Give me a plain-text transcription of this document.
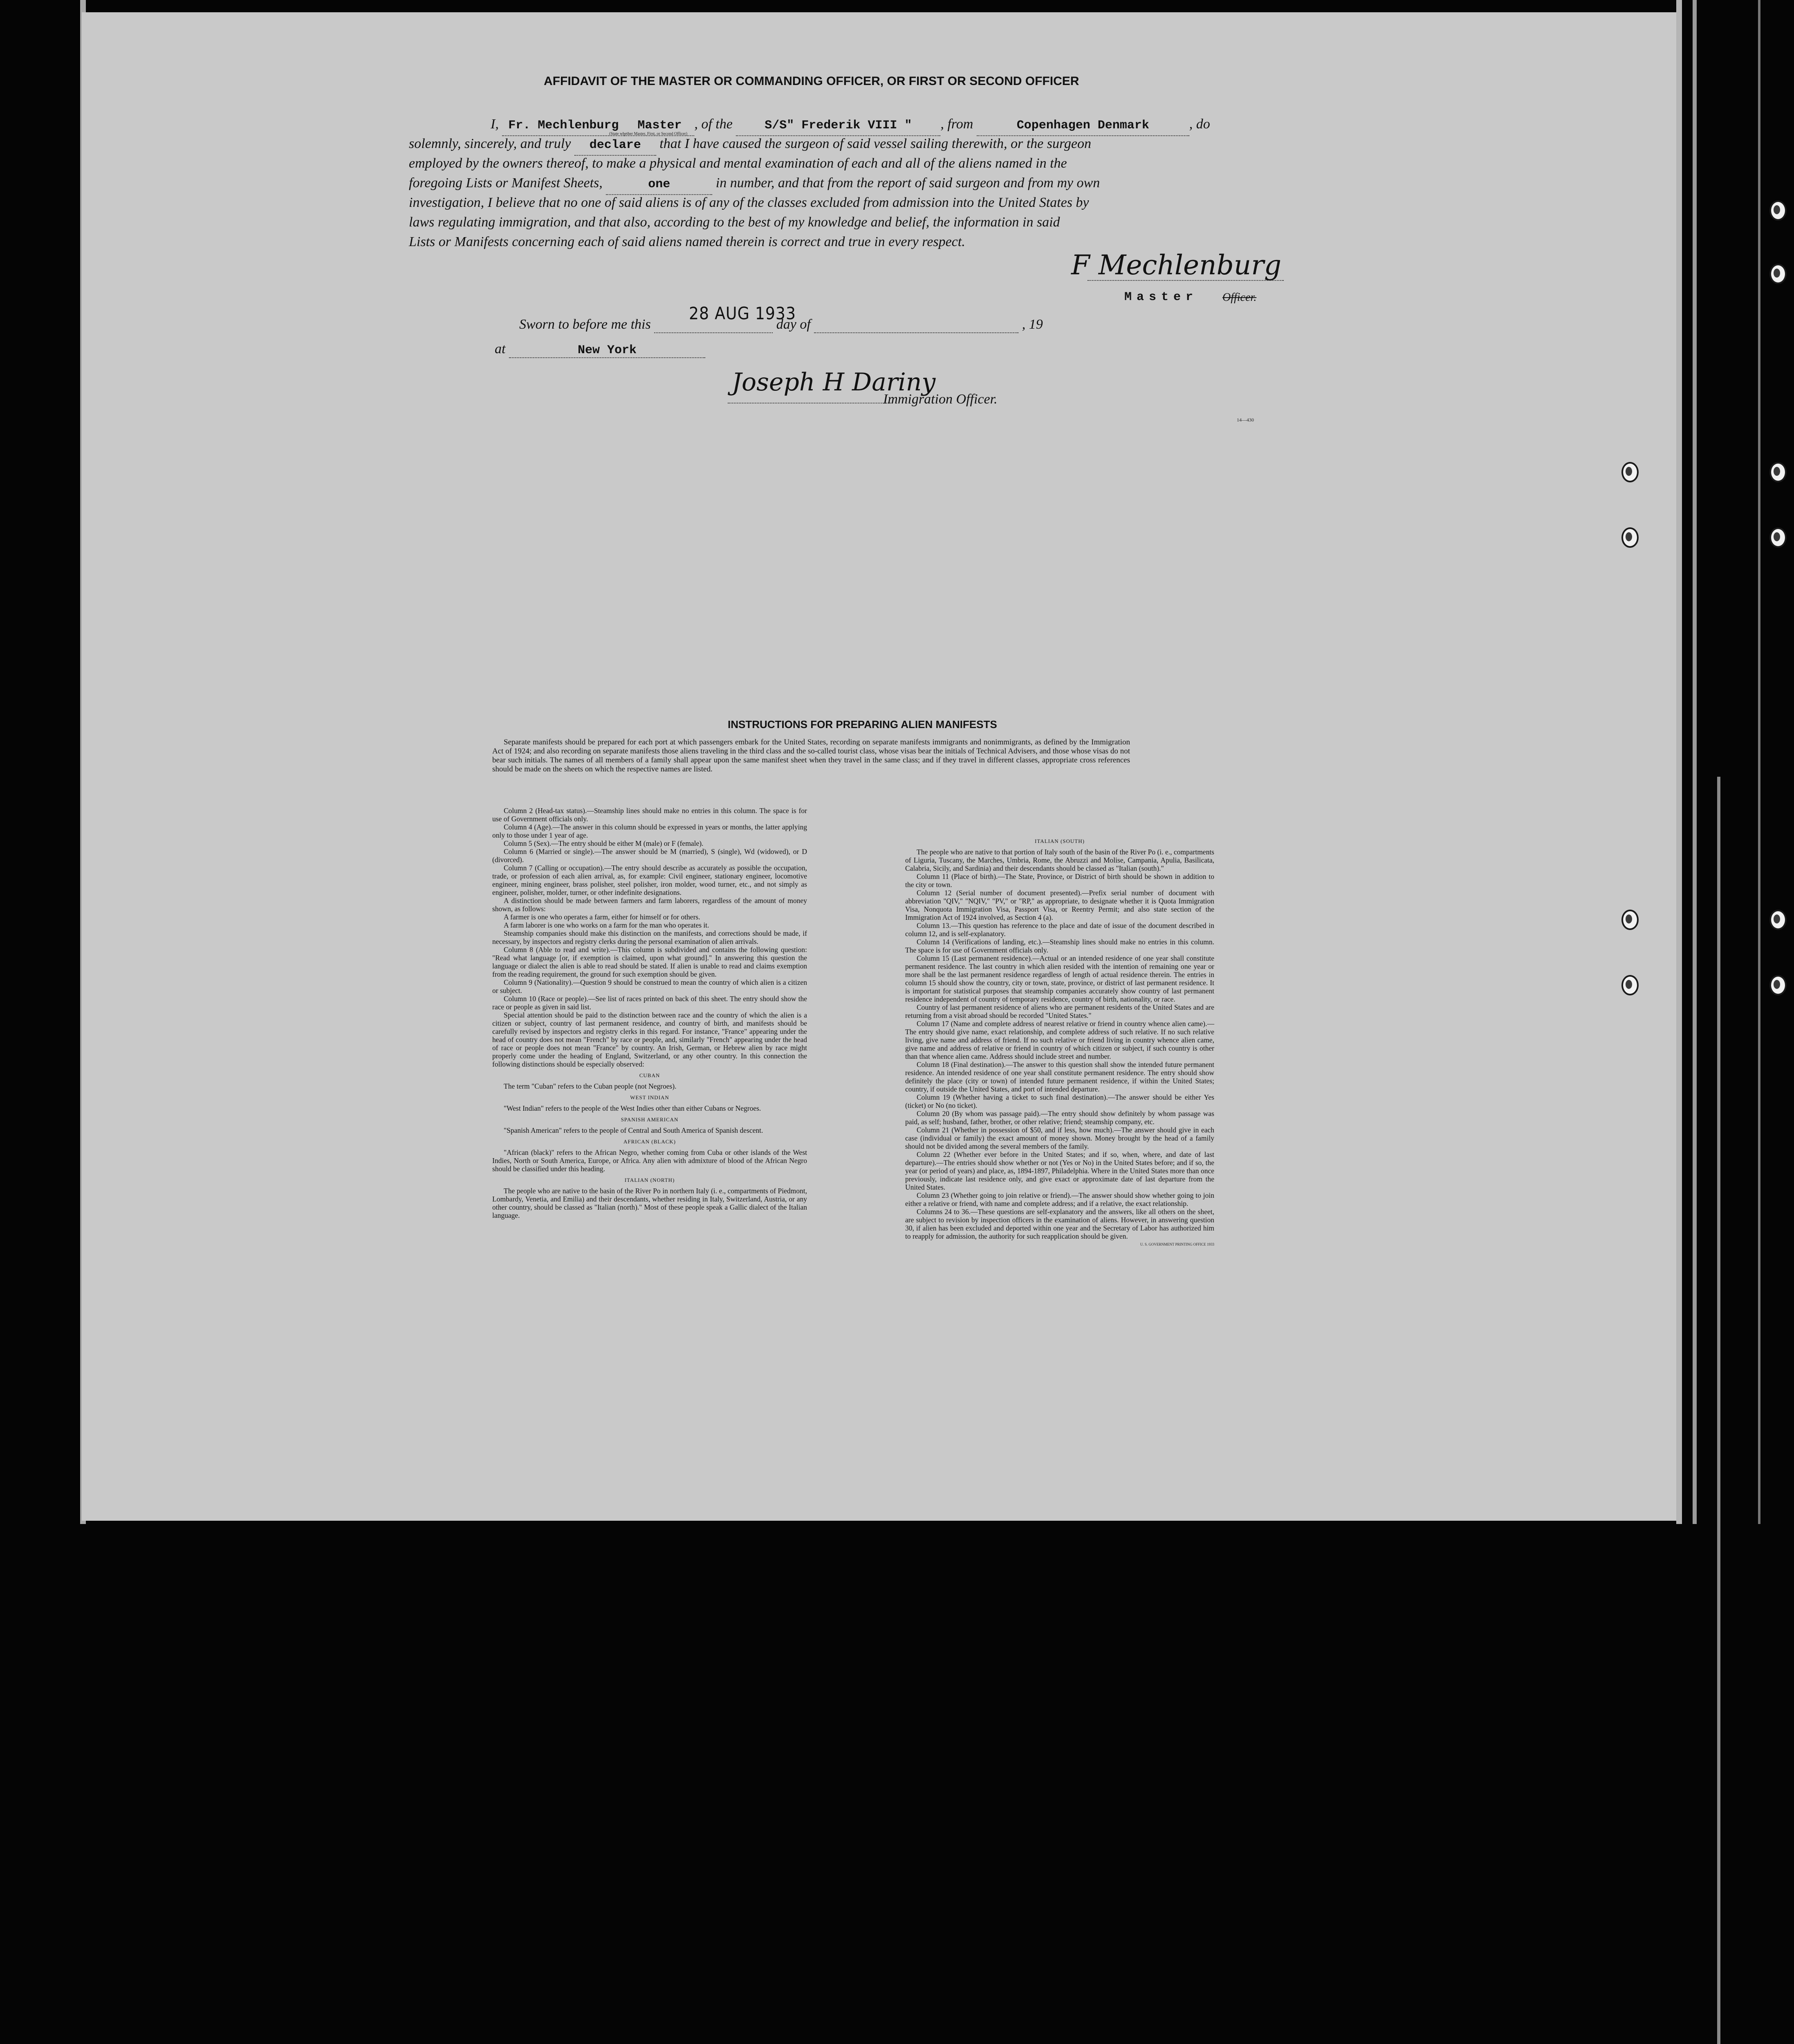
AFFIDAVIT OF THE MASTER OR COMMANDING OFFICER, OR FIRST OR SECOND OFFICER
I, Fr. Mechlenburg Master , of the	S/S" Frederik VIII " , from	Copenhagen Denmark	, do
(State whether Master, First, or Second Officer)
solemnly, sincerely, and truly declare that I have caused the surgeon of said vessel sailing therewith, or the surgeon
employed by the owners thereof, to make a physical and mental examination of each and all of the aliens named in the
foregoing Lists or Manifest Sheets,	one	in number, and that from the report of said surgeon and from my own
investigation, I believe that no one of said aliens is of any of the classes excluded from admission into the United States by
laws regulating immigration, and that also, according to the best of my knowledge and belief, the information in said
Lists or Manifests concerning each of said aliens named therein is correct and true in every respect.
F Mechlenburg
Master Officer.
Sworn to before me this	day of	, 19
28 AUG 1933
at	New York
Joseph H Dariny
Immigration Officer.
14—430
INSTRUCTIONS FOR PREPARING ALIEN MANIFESTS
Separate manifests should be prepared for each port at which passengers embark for the United States, recording on separate manifests immigrants and nonimmigrants, as defined by the Immigration Act of 1924; and also recording on separate manifests those aliens traveling in the third class and the so-called tourist class, whose visas bear the initials of Technical Advisers, and those whose visas do not bear such initials. The names of all members of a family shall appear upon the same manifest sheet when they travel in the same class; and if they travel in different classes, appropriate cross references should be made on the sheets on which the respective names are listed.

Column 2 (Head-tax status).—Steamship lines should make no entries in this column. The space is for use of Government officials only.

Column 4 (Age).—The answer in this column should be expressed in years or months, the latter applying only to those under 1 year of age.

Column 5 (Sex).—The entry should be either M (male) or F (female).

Column 6 (Married or single).—The answer should be M (married), S (single), Wd (widowed), or D (divorced).

Column 7 (Calling or occupation).—The entry should describe as accurately as possible the occupation, trade, or profession of each alien arrival, as, for example: Civil engineer, stationary engineer, locomotive engineer, mining engineer, brass polisher, steel polisher, iron molder, wood turner, etc., and not simply as engineer, polisher, molder, turner, or other indefinite designations.

A distinction should be made between farmers and farm laborers, regardless of the amount of money shown, as follows:

A farmer is one who operates a farm, either for himself or for others.

A farm laborer is one who works on a farm for the man who operates it.

Steamship companies should make this distinction on the manifests, and corrections should be made, if necessary, by inspectors and registry clerks during the personal examination of alien arrivals.

Column 8 (Able to read and write).—This column is subdivided and contains the following question: "Read what language [or, if exemption is claimed, upon what ground]." In answering this question the language or dialect the alien is able to read should be stated. If alien is unable to read and claims exemption from the reading requirement, the ground for such exemption should be given.

Column 9 (Nationality).—Question 9 should be construed to mean the country of which alien is a citizen or subject.

Column 10 (Race or people).—See list of races printed on back of this sheet. The entry should show the race or people as given in said list.

Special attention should be paid to the distinction between race and the country of which the alien is a citizen or subject, country of last permanent residence, and country of birth, and manifests should be carefully revised by inspectors and registry clerks in this regard. For instance, "France" appearing under the head of country does not mean "French" by race or people, and, similarly "French" appearing under the head of race or people does not mean "France" by country. An Irish, German, or Hebrew alien by race might properly come under the heading of England, Switzerland, or any other country. In this connection the following distinctions should be especially observed:

CUBAN

The term "Cuban" refers to the Cuban people (not Negroes).

WEST INDIAN

"West Indian" refers to the people of the West Indies other than either Cubans or Negroes.

SPANISH AMERICAN

"Spanish American" refers to the people of Central and South America of Spanish descent.

AFRICAN (BLACK)

"African (black)" refers to the African Negro, whether coming from Cuba or other islands of the West Indies, North or South America, Europe, or Africa. Any alien with admixture of blood of the African Negro should be classified under this heading.

ITALIAN (NORTH)

The people who are native to the basin of the River Po in northern Italy (i. e., compartments of Piedmont, Lombardy, Venetia, and Emilia) and their descendants, whether residing in Italy, Switzerland, Austria, or any other country, should be classed as "Italian (north)." Most of these people speak a Gallic dialect of the Italian language.

ITALIAN (SOUTH)

The people who are native to that portion of Italy south of the basin of the River Po (i. e., compartments of Liguria, Tuscany, the Marches, Umbria, Rome, the Abruzzi and Molise, Campania, Apulia, Basilicata, Calabria, Sicily, and Sardinia) and their descendants should be classed as "Italian (south)."

Column 11 (Place of birth).—The State, Province, or District of birth should be shown in addition to the city or town.

Column 12 (Serial number of document presented).—Prefix serial number of document with abbreviation "QIV," "NQIV," "PV," or "RP," as appropriate, to designate whether it is Quota Immigration Visa, Nonquota Immigration Visa, Passport Visa, or Reentry Permit; and also state section of the Immigration Act of 1924 involved, as Section 4 (a).

Column 13.—This question has reference to the place and date of issue of the document described in column 12, and is self-explanatory.

Column 14 (Verifications of landing, etc.).—Steamship lines should make no entries in this column. The space is for use of Government officials only.

Column 15 (Last permanent residence).—Actual or an intended residence of one year shall constitute permanent residence. The last country in which alien resided with the intention of remaining one year or more shall be the last permanent residence regardless of length of actual residence therein. The entries in column 15 should show the country, city or town, state, province, or district of last permanent residence. It is important for statistical purposes that steamship companies accurately show country of last permanent residence independent of country of temporary residence, country of birth, nationality, or race.

Country of last permanent residence of aliens who are permanent residents of the United States and are returning from a visit abroad should be recorded "United States."

Column 17 (Name and complete address of nearest relative or friend in country whence alien came).—The entry should give name, exact relationship, and complete address of such relative. If no such relative living, give name and address of friend. If no such relative or friend living in country whence alien came, give name and address of relative or friend in country of which citizen or subject, if such country is other than that whence alien came. Address should include street and number.

Column 18 (Final destination).—The answer to this question shall show the intended future permanent residence. An intended residence of one year shall constitute permanent residence. The entry should show definitely the place (city or town) of intended future permanent residence, if within the United States; country, if outside the United States, and port of intended departure.

Column 19 (Whether having a ticket to such final destination).—The answer should be either Yes (ticket) or No (no ticket).

Column 20 (By whom was passage paid).—The entry should show definitely by whom passage was paid, as self; husband, father, brother, or other relative; friend; steamship company, etc.

Column 21 (Whether in possession of $50, and if less, how much).—The answer should give in each case (individual or family) the exact amount of money shown. Money brought by the head of a family should not be divided among the several members of the family.

Column 22 (Whether ever before in the United States; and if so, when, where, and date of last departure).—The entries should show whether or not (Yes or No) in the United States before; and if so, the year (or period of years) and place, as, 1894-1897, Philadelphia. Where in the United States more than once previously, indicate last residence only, and give exact or approximate date of last departure from the United States.

Column 23 (Whether going to join relative or friend).—The answer should show whether going to join either a relative or friend, with name and complete address; and if a relative, the exact relationship.

Columns 24 to 36.—These questions are self-explanatory and the answers, like all others on the sheet, are subject to revision by inspection officers in the examination of aliens. However, in answering question 30, if alien has been excluded and deported within one year and the Secretary of Labor has authorized him to reapply for admission, the authority for such reapplication should be given.

U. S. GOVERNMENT PRINTING OFFICE 1933
